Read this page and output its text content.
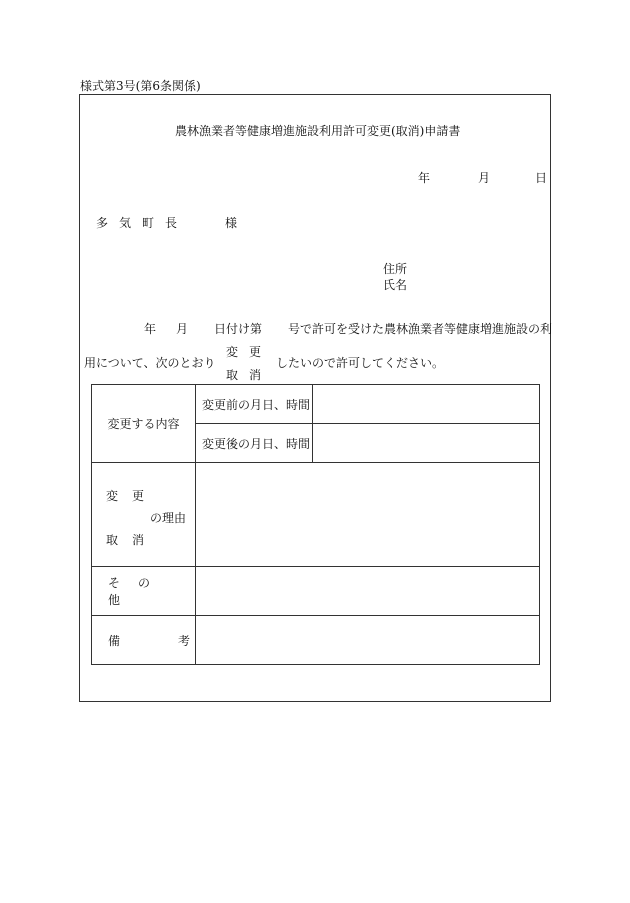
様式第3号(第6条関係)
農林漁業者等健康増進施設利用許可変更(取消)申請書
年	月	日
多気町長	様
住所
氏名
年 月 日付け第 号で許可を受けた農林漁業者等健康増進施設の利
用について、次のとおり
変更
取消
したいので許可してください。
変更する内容	変更前の月日、時間	
	変更後の月日、時間	

変更
の理由
取消		

その他		
備 考		
